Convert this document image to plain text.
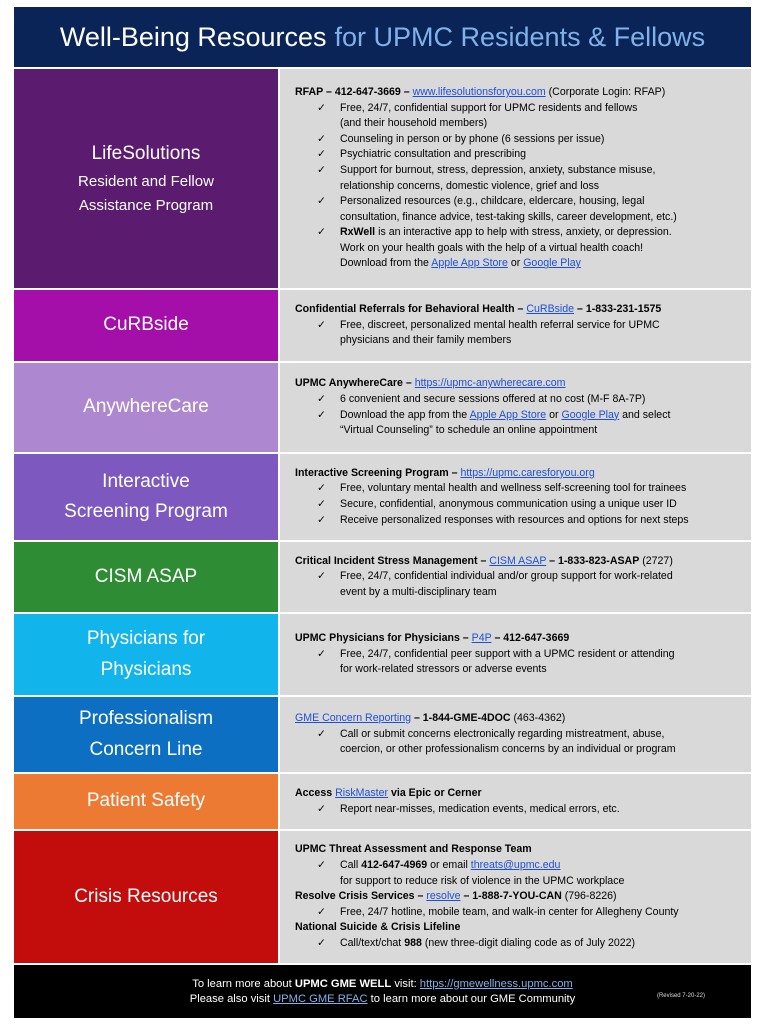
Well-Being Resources for UPMC Residents & Fellows
LifeSolutions
Resident and Fellow
Assistance Program
RFAP – 412-647-3669 – www.lifesolutionsforyou.com (Corporate Login: RFAP)
✓ Free, 24/7, confidential support for UPMC residents and fellows
(and their household members)
✓ Counseling in person or by phone (6 sessions per issue)
✓ Psychiatric consultation and prescribing
✓ Support for burnout, stress, depression, anxiety, substance misuse,
relationship concerns, domestic violence, grief and loss
✓ Personalized resources (e.g., childcare, eldercare, housing, legal
consultation, finance advice, test-taking skills, career development, etc.)
✓ RxWell is an interactive app to help with stress, anxiety, or depression.
Work on your health goals with the help of a virtual health coach!
Download from the Apple App Store or Google Play
CuRBside
Confidential Referrals for Behavioral Health – CuRBside – 1-833-231-1575
✓ Free, discreet, personalized mental health referral service for UPMC
physicians and their family members
AnywhereCare
UPMC AnywhereCare – https://upmc-anywherecare.com
✓ 6 convenient and secure sessions offered at no cost (M-F 8A-7P)
✓ Download the app from the Apple App Store or Google Play and select
“Virtual Counseling” to schedule an online appointment
Interactive
Screening Program
Interactive Screening Program – https://upmc.caresforyou.org
✓ Free, voluntary mental health and wellness self-screening tool for trainees
✓ Secure, confidential, anonymous communication using a unique user ID
✓ Receive personalized responses with resources and options for next steps
CISM ASAP
Critical Incident Stress Management – CISM ASAP – 1-833-823-ASAP (2727)
✓ Free, 24/7, confidential individual and/or group support for work-related
event by a multi-disciplinary team
Physicians for
Physicians
UPMC Physicians for Physicians – P4P – 412-647-3669
✓ Free, 24/7, confidential peer support with a UPMC resident or attending
for work-related stressors or adverse events
Professionalism
Concern Line
GME Concern Reporting – 1-844-GME-4DOC (463-4362)
✓ Call or submit concerns electronically regarding mistreatment, abuse,
coercion, or other professionalism concerns by an individual or program
Patient Safety	Access RiskMaster via Epic or Cerner
✓ Report near-misses, medication events, medical errors, etc.
Crisis Resources
UPMC Threat Assessment and Response Team
✓ Call 412-647-4969 or email threats@upmc.edu
for support to reduce risk of violence in the UPMC workplace
Resolve Crisis Services – resolve – 1-888-7-YOU-CAN (796-8226)
✓ Free, 24/7 hotline, mobile team, and walk-in center for Allegheny County
National Suicide & Crisis Lifeline
✓ Call/text/chat 988 (new three-digit dialing code as of July 2022)
To learn more about UPMC GME WELL visit: https://gmewellness.upmc.com
Please also visit UPMC GME RFAC to learn more about our GME Community	(Revised 7-20-22)
